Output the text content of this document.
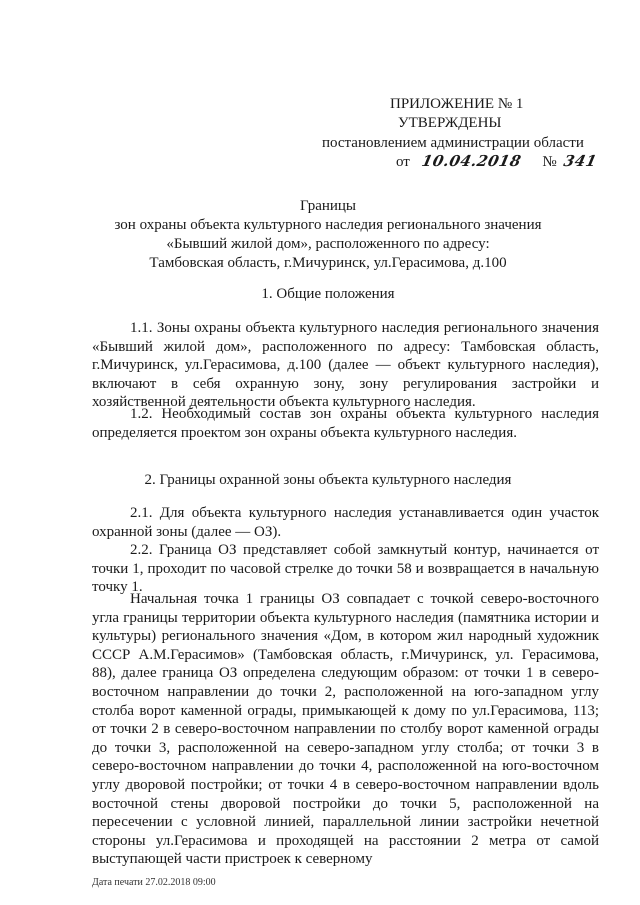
ПРИЛОЖЕНИЕ № 1
УТВЕРЖДЕНЫ
постановлением администрации области
от 10.04.2018 № 341
Границы
зон охраны объекта культурного наследия регионального значения
«Бывший жилой дом», расположенного по адресу:
Тамбовская область, г.Мичуринск, ул.Герасимова, д.100
1. Общие положения

1.1. Зоны охраны объекта культурного наследия регионального значения «Бывший жилой дом», расположенного по адресу: Тамбовская область, г.Мичуринск, ул.Герасимова, д.100 (далее — объект культурного наследия), включают в себя охранную зону, зону регулирования застройки и хозяйственной деятельности объекта культурного наследия.

1.2. Необходимый состав зон охраны объекта культурного наследия определяется проектом зон охраны объекта культурного наследия.

2. Границы охранной зоны объекта культурного наследия

2.1. Для объекта культурного наследия устанавливается один участок охранной зоны (далее — ОЗ).

2.2. Граница ОЗ представляет собой замкнутый контур, начинается от точки 1, проходит по часовой стрелке до точки 58 и возвращается в начальную точку 1.

Начальная точка 1 границы ОЗ совпадает с точкой северо-восточного угла границы территории объекта культурного наследия (памятника истории и культуры) регионального значения «Дом, в котором жил народный художник СССР А.М.Герасимов» (Тамбовская область, г.Мичуринск, ул. Герасимова, 88), далее граница ОЗ определена следующим образом: от точки 1 в северо-восточном направлении до точки 2, расположенной на юго-западном углу столба ворот каменной ограды, примыкающей к дому по ул.Герасимова, 113; от точки 2 в северо-восточном направлении по столбу ворот каменной ограды до точки 3, расположенной на северо-западном углу столба; от точки 3 в северо-восточном направлении до точки 4, расположенной на юго-восточном углу дворовой постройки; от точки 4 в северо-восточном направлении вдоль восточной стены дворовой постройки до точки 5, расположенной на пересечении с условной линией, параллельной линии застройки нечетной стороны ул.Герасимова и проходящей на расстоянии 2 метра от самой выступающей части пристроек к северному

Дата печати 27.02.2018 09:00
